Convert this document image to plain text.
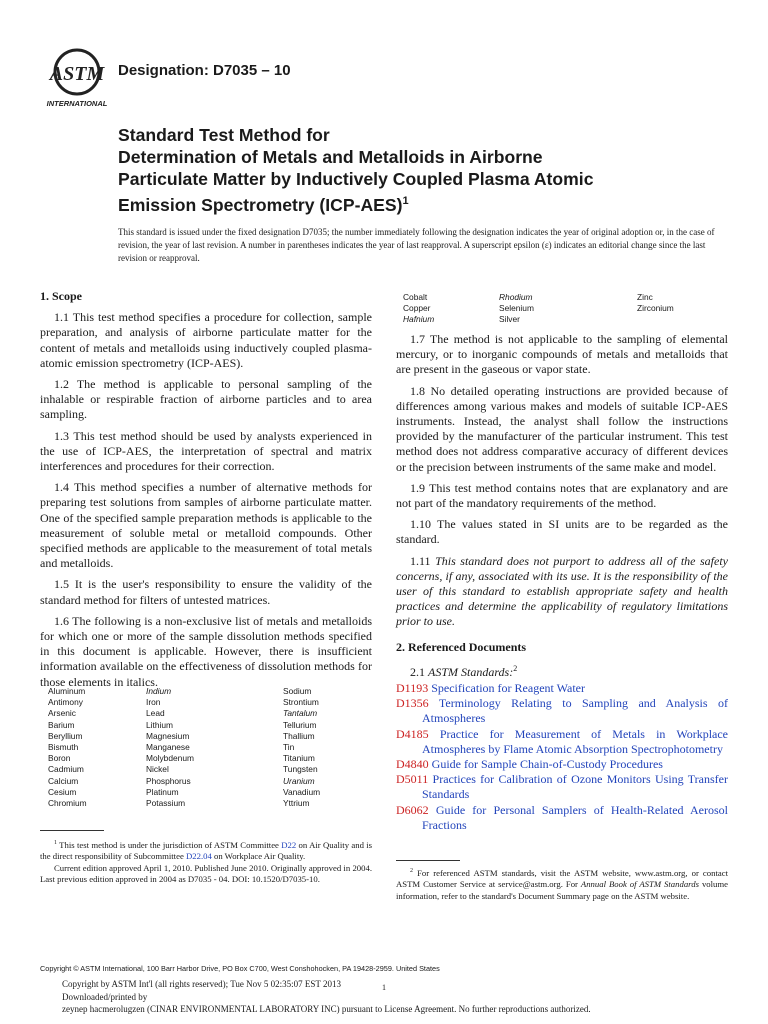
ASTM
INTERNATIONAL
Designation: D7035 – 10
Standard Test Method for
Determination of Metals and Metalloids in Airborne
Particulate Matter by Inductively Coupled Plasma Atomic
Emission Spectrometry $(ICP-AES)^1$
This standard is issued under the fixed designation D7035; the number immediately following the designation indicates the year of original adoption or, in the case of revision, the year of last revision. A number in parentheses indicates the year of last reapproval. A superscript epsilon (ε) indicates an editorial change since the last revision or reapproval.
1. Scope

1.1 This test method specifies a procedure for collection, sample preparation, and analysis of airborne particulate matter for the content of metals and metalloids using inductively coupled plasma-atomic emission spectrometry (ICP-AES).

1.2 The method is applicable to personal sampling of the inhalable or respirable fraction of airborne particles and to area sampling.

1.3 This test method should be used by analysts experienced in the use of ICP-AES, the interpretation of spectral and matrix interferences and procedures for their correction.

1.4 This method specifies a number of alternative methods for preparing test solutions from samples of airborne particulate matter. One of the specified sample preparation methods is applicable to the measurement of soluble metal or metalloid compounds. Other specified methods are applicable to the measurement of total metals and metalloids.

1.5 It is the user's responsibility to ensure the validity of the standard method for filters of untested matrices.

1.6 The following is a non-exclusive list of metals and metalloids for which one or more of the sample dissolution methods specified in this document is applicable. However, there is insufficient information available on the effectiveness of dissolution methods for those elements in italics.

Aluminum
Antimony
Arsenic
Barium
Beryllium
Bismuth
Boron
Cadmium
Calcium
Cesium
Chromium
Indium
Iron
Lead
Lithium
Magnesium
Manganese
Molybdenum
Nickel
Phosphorus
Platinum
Potassium
Sodium
Strontium
Tantalum
Tellurium
Thallium
Tin
Titanium
Tungsten
Uranium
Vanadium
Yttrium
Cobalt
Copper
Hafnium
Rhodium
Selenium
Silver
Zinc
Zirconium

1.7 The method is not applicable to the sampling of elemental mercury, or to inorganic compounds of metals and metalloids that are present in the gaseous or vapor state.

1.8 No detailed operating instructions are provided because of differences among various makes and models of suitable ICP-AES instruments. Instead, the analyst shall follow the instructions provided by the manufacturer of the particular instrument. This test method does not address comparative accuracy of different devices or the precision between instruments of the same make and model.

1.9 This test method contains notes that are explanatory and are not part of the mandatory requirements of the method.

1.10 The values stated in SI units are to be regarded as the standard.

1.11 This standard does not purport to address all of the safety concerns, if any, associated with its use. It is the responsibility of the user of this standard to establish appropriate safety and health practices and determine the applicability of regulatory limitations prior to use.

2. Referenced Documents

2.1 ASTM Standards:$^2$

D1193 Specification for Reagent Water

D1356 Terminology Relating to Sampling and Analysis of Atmospheres

D4185 Practice for Measurement of Metals in Workplace Atmospheres by Flame Atomic Absorption Spectrophotometry

D4840 Guide for Sample Chain-of-Custody Procedures

D5011 Practices for Calibration of Ozone Monitors Using Transfer Standards

D6062 Guide for Personal Samplers of Health-Related Aerosol Fractions

$^1$ This test method is under the jurisdiction of ASTM Committee D22 on Air Quality and is the direct responsibility of Subcommittee D22.04 on Workplace Air Quality.

Current edition approved April 1, 2010. Published June 2010. Originally approved in 2004. Last previous edition approved in 2004 as D7035 - 04. DOI: 10.1520/D7035-10.

$^2$ For referenced ASTM standards, visit the ASTM website, www.astm.org, or contact ASTM Customer Service at service@astm.org. For Annual Book of ASTM Standards volume information, refer to the standard's Document Summary page on the ASTM website.

Copyright © ASTM International, 100 Barr Harbor Drive, PO Box C700, West Conshohocken, PA 19428-2959. United States
Copyright by ASTM Int'l (all rights reserved); Tue Nov 5 02:35:07 EST 2013
Downloaded/printed by
zeynep hacmerolugzen (CINAR ENVIRONMENTAL LABORATORY INC) pursuant to License Agreement. No further reproductions authorized.
1
